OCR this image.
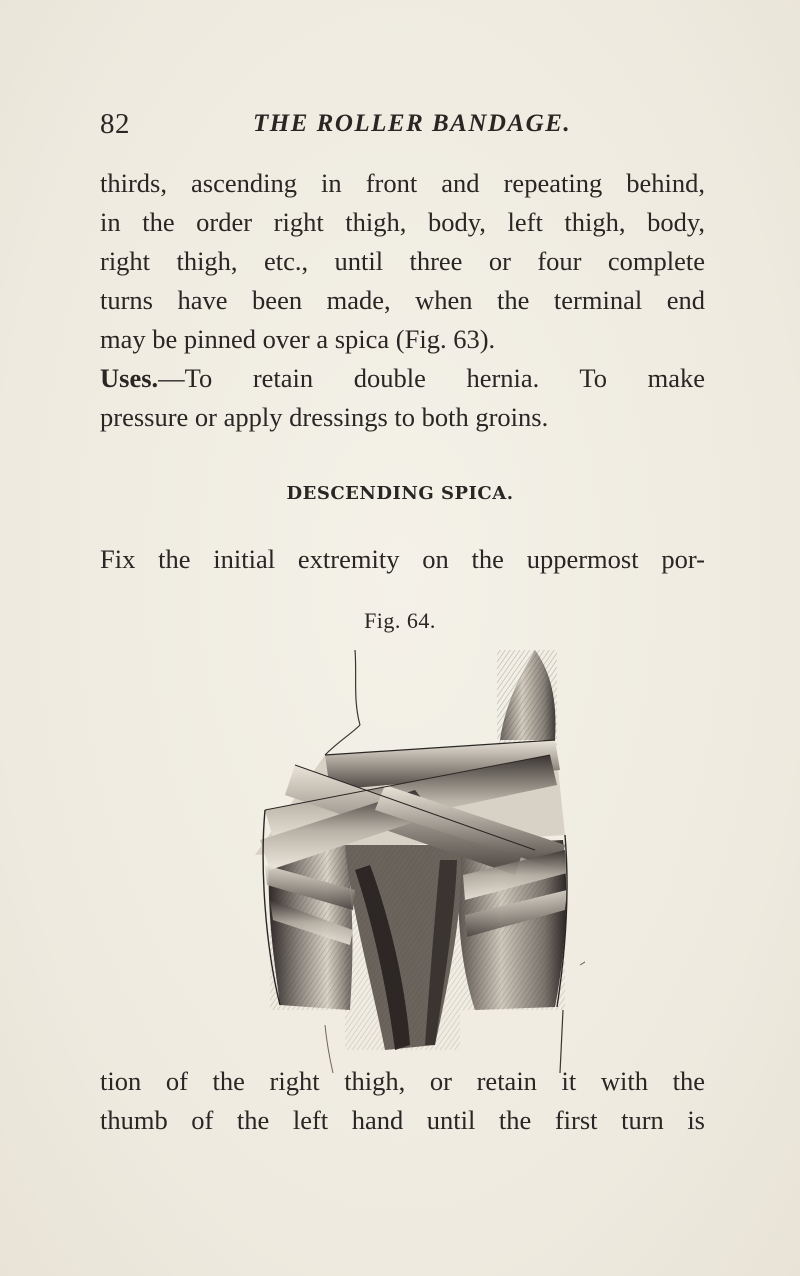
82	THE ROLLER BANDAGE.
thirds, ascending in front and repeating behind,
in the order right thigh, body, left thigh, body,
right thigh, etc., until three or four complete
turns have been made, when the terminal end
may be pinned over a spica (Fig. 63).
Uses.—To retain double hernia. To make
pressure or apply dressings to both groins.
DESCENDING SPICA.
Fix the initial extremity on the uppermost por-
Fig. 64.
tion of the right thigh, or retain it with the
thumb of the left hand until the first turn is
